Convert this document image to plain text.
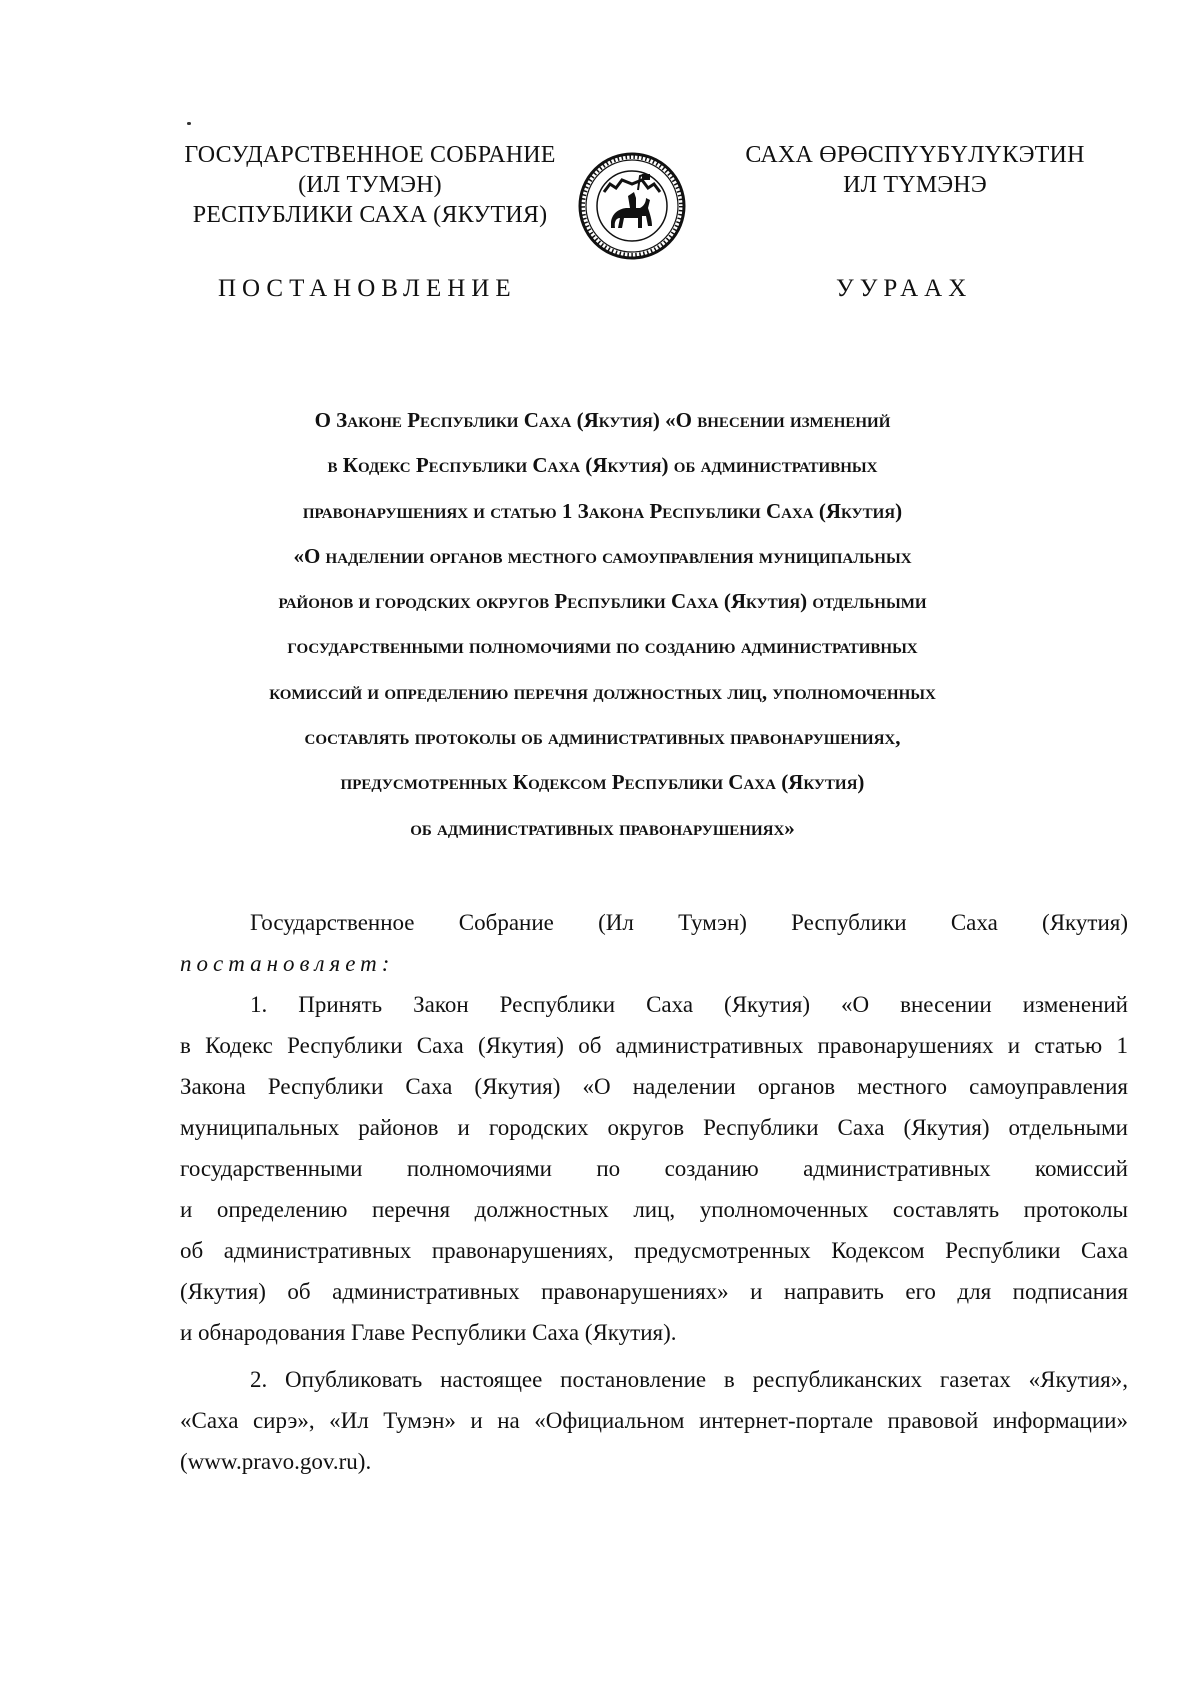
ГОСУДАРСТВЕННОЕ СОБРАНИЕ
(ИЛ ТУМЭН)
РЕСПУБЛИКИ САХА (ЯКУТИЯ)
САХА ӨРӨСПҮҮБҮЛҮКЭТИН
ИЛ ТҮМЭНЭ
ПОСТАНОВЛЕНИЕ	УУРААХ
О Законе Республики Саха (Якутия) «О внесении изменений
в Кодекс Республики Саха (Якутия) об административных
правонарушениях и статью 1 Закона Республики Саха (Якутия)
«О наделении органов местного самоуправления муниципальных
районов и городских округов Республики Саха (Якутия) отдельными
государственными полномочиями по созданию административных
комиссий и определению перечня должностных лиц, уполномоченных
составлять протоколы об административных правонарушениях,
предусмотренных Кодексом Республики Саха (Якутия)
об административных правонарушениях»
Государственное Собрание (Ил Тумэн) Республики Саха (Якутия)
постановляет:
1. Принять Закон Республики Саха (Якутия) «О внесении изменений
в Кодекс Республики Саха (Якутия) об административных правонарушениях и статью 1
Закона Республики Саха (Якутия) «О наделении органов местного самоуправления
муниципальных районов и городских округов Республики Саха (Якутия) отдельными
государственными полномочиями по созданию административных комиссий
и определению перечня должностных лиц, уполномоченных составлять протоколы
об административных правонарушениях, предусмотренных Кодексом Республики Саха
(Якутия) об административных правонарушениях» и направить его для подписания
и обнародования Главе Республики Саха (Якутия).
2. Опубликовать настоящее постановление в республиканских газетах «Якутия»,
«Саха сирэ», «Ил Тумэн» и на «Официальном интернет-портале правовой информации»
(www.pravo.gov.ru).
